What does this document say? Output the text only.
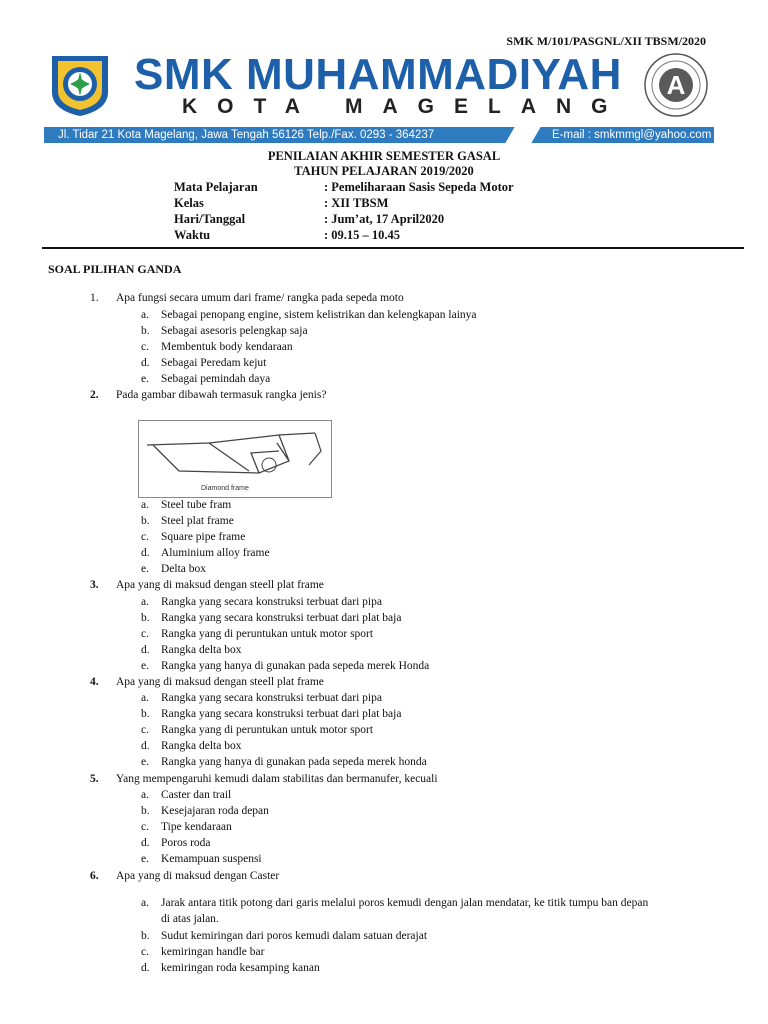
SMK M/101/PASGNL/XII TBSM/2020
SMK MUHAMMADIYAH
KOTA MAGELANG
A
Jl. Tidar 21 Kota Magelang, Jawa Tengah 56126 Telp./Fax. 0293 - 364237	E-mail : smkmmgl@yahoo.com
PENILAIAN AKHIR SEMESTER GASAL
TAHUN PELAJARAN 2019/2020
Mata Pelajaran	: Pemeliharaan Sasis Sepeda Motor
Kelas	: XII TBSM
Hari/Tanggal	: Jum’at, 17 April2020
Waktu	: 09.15 – 10.45
SOAL PILIHAN GANDA
1. Apa fungsi secara umum dari frame/ rangka pada sepeda moto
a. Sebagai penopang engine, sistem kelistrikan dan kelengkapan lainya
b. Sebagai asesoris pelengkap saja
c. Membentuk body kendaraan
d. Sebagai Peredam kejut
e. Sebagai pemindah daya
2. Pada gambar dibawah termasuk rangka jenis?
Diamond frame
a. Steel tube fram
b. Steel plat frame
c. Square pipe frame
d. Aluminium alloy frame
e. Delta box
3. Apa yang di maksud dengan steell plat frame
a. Rangka yang secara konstruksi terbuat dari pipa
b. Rangka yang secara konstruksi terbuat dari plat baja
c. Rangka yang di peruntukan untuk motor sport
d. Rangka delta box
e. Rangka yang hanya di gunakan pada sepeda merek Honda
4. Apa yang di maksud dengan steell plat frame
a. Rangka yang secara konstruksi terbuat dari pipa
b. Rangka yang secara konstruksi terbuat dari plat baja
c. Rangka yang di peruntukan untuk motor sport
d. Rangka delta box
e. Rangka yang hanya di gunakan pada sepeda merek honda
5. Yang mempengaruhi kemudi dalam stabilitas dan bermanufer, kecuali
a. Caster dan trail
b. Kesejajaran roda depan
c. Tipe kendaraan
d. Poros roda
e. Kemampuan suspensi
6. Apa yang di maksud dengan Caster
a. Jarak antara titik potong dari garis melalui poros kemudi dengan jalan mendatar, ke titik tumpu ban depan
di atas jalan.
b. Sudut kemiringan dari poros kemudi dalam satuan derajat
c. kemiringan handle bar
d. kemiringan roda kesamping kanan
